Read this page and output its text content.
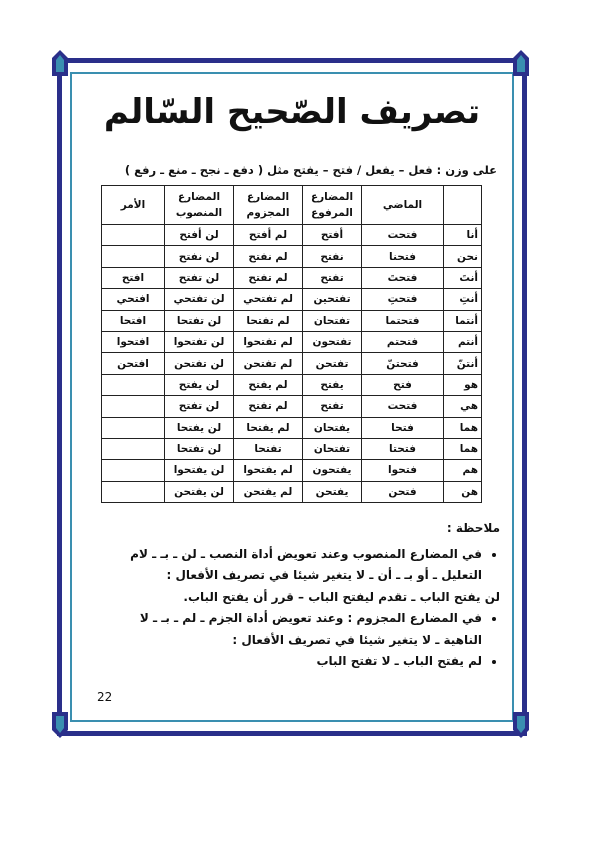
تصريف الصّحيح السّالم
على وزن : فعل – يفعل / فتح – يفتح مثل ( دفع ـ نجح ـ منع ـ رفع )
	الماضي	المضارع المرفوع	المضارع المجزوم	المضارع المنصوب	الأمر
أنا	فتحت	أفتح	لم أفتح	لن أفتح	
نحن	فتحنا	نفتح	لم نفتح	لن نفتح	
أنتَ	فتحتَ	تفتح	لم تفتح	لن تفتح	افتح
أنتِ	فتحتِ	تفتحين	لم تفتحي	لن تفتحي	افتحي
أنتما	فتحتما	تفتحان	لم تفتحا	لن تفتحا	افتحا
أنتم	فتحتم	تفتحون	لم تفتحوا	لن تفتحوا	افتحوا
أنتنّ	فتحتنّ	تفتحن	لم تفتحن	لن تفتحن	افتحن
هو	فتح	يفتح	لم يفتح	لن يفتح	
هي	فتحت	تفتح	لم تفتح	لن تفتح	
هما	فتحا	يفتحان	لم يفتحا	لن يفتحا	
هما	فتحتا	تفتحان	تفتحا	لن تفتحا	
هم	فتحوا	يفتحون	لم يفتحوا	لن يفتحوا	
هن	فتحن	يفتحن	لم يفتحن	لن يفتحن	

ملاحظة :

• في المضارع المنصوب وعند تعويض أداة النصب ـ لن ـ بـ ـ لام التعليل ـ أو بـ ـ أن ـ لا يتغير شيئا في تصريف الأفعال :

لن يفتح الباب ـ تقدم ليفتح الباب – قرر أن يفتح الباب.

• في المضارع المجزوم : وعند تعويض أداة الجزم ـ لم ـ بـ ـ لا الناهية ـ لا يتغير شيئا في تصريف الأفعال :
• لم يفتح الباب ـ لا تفتح الباب
22
